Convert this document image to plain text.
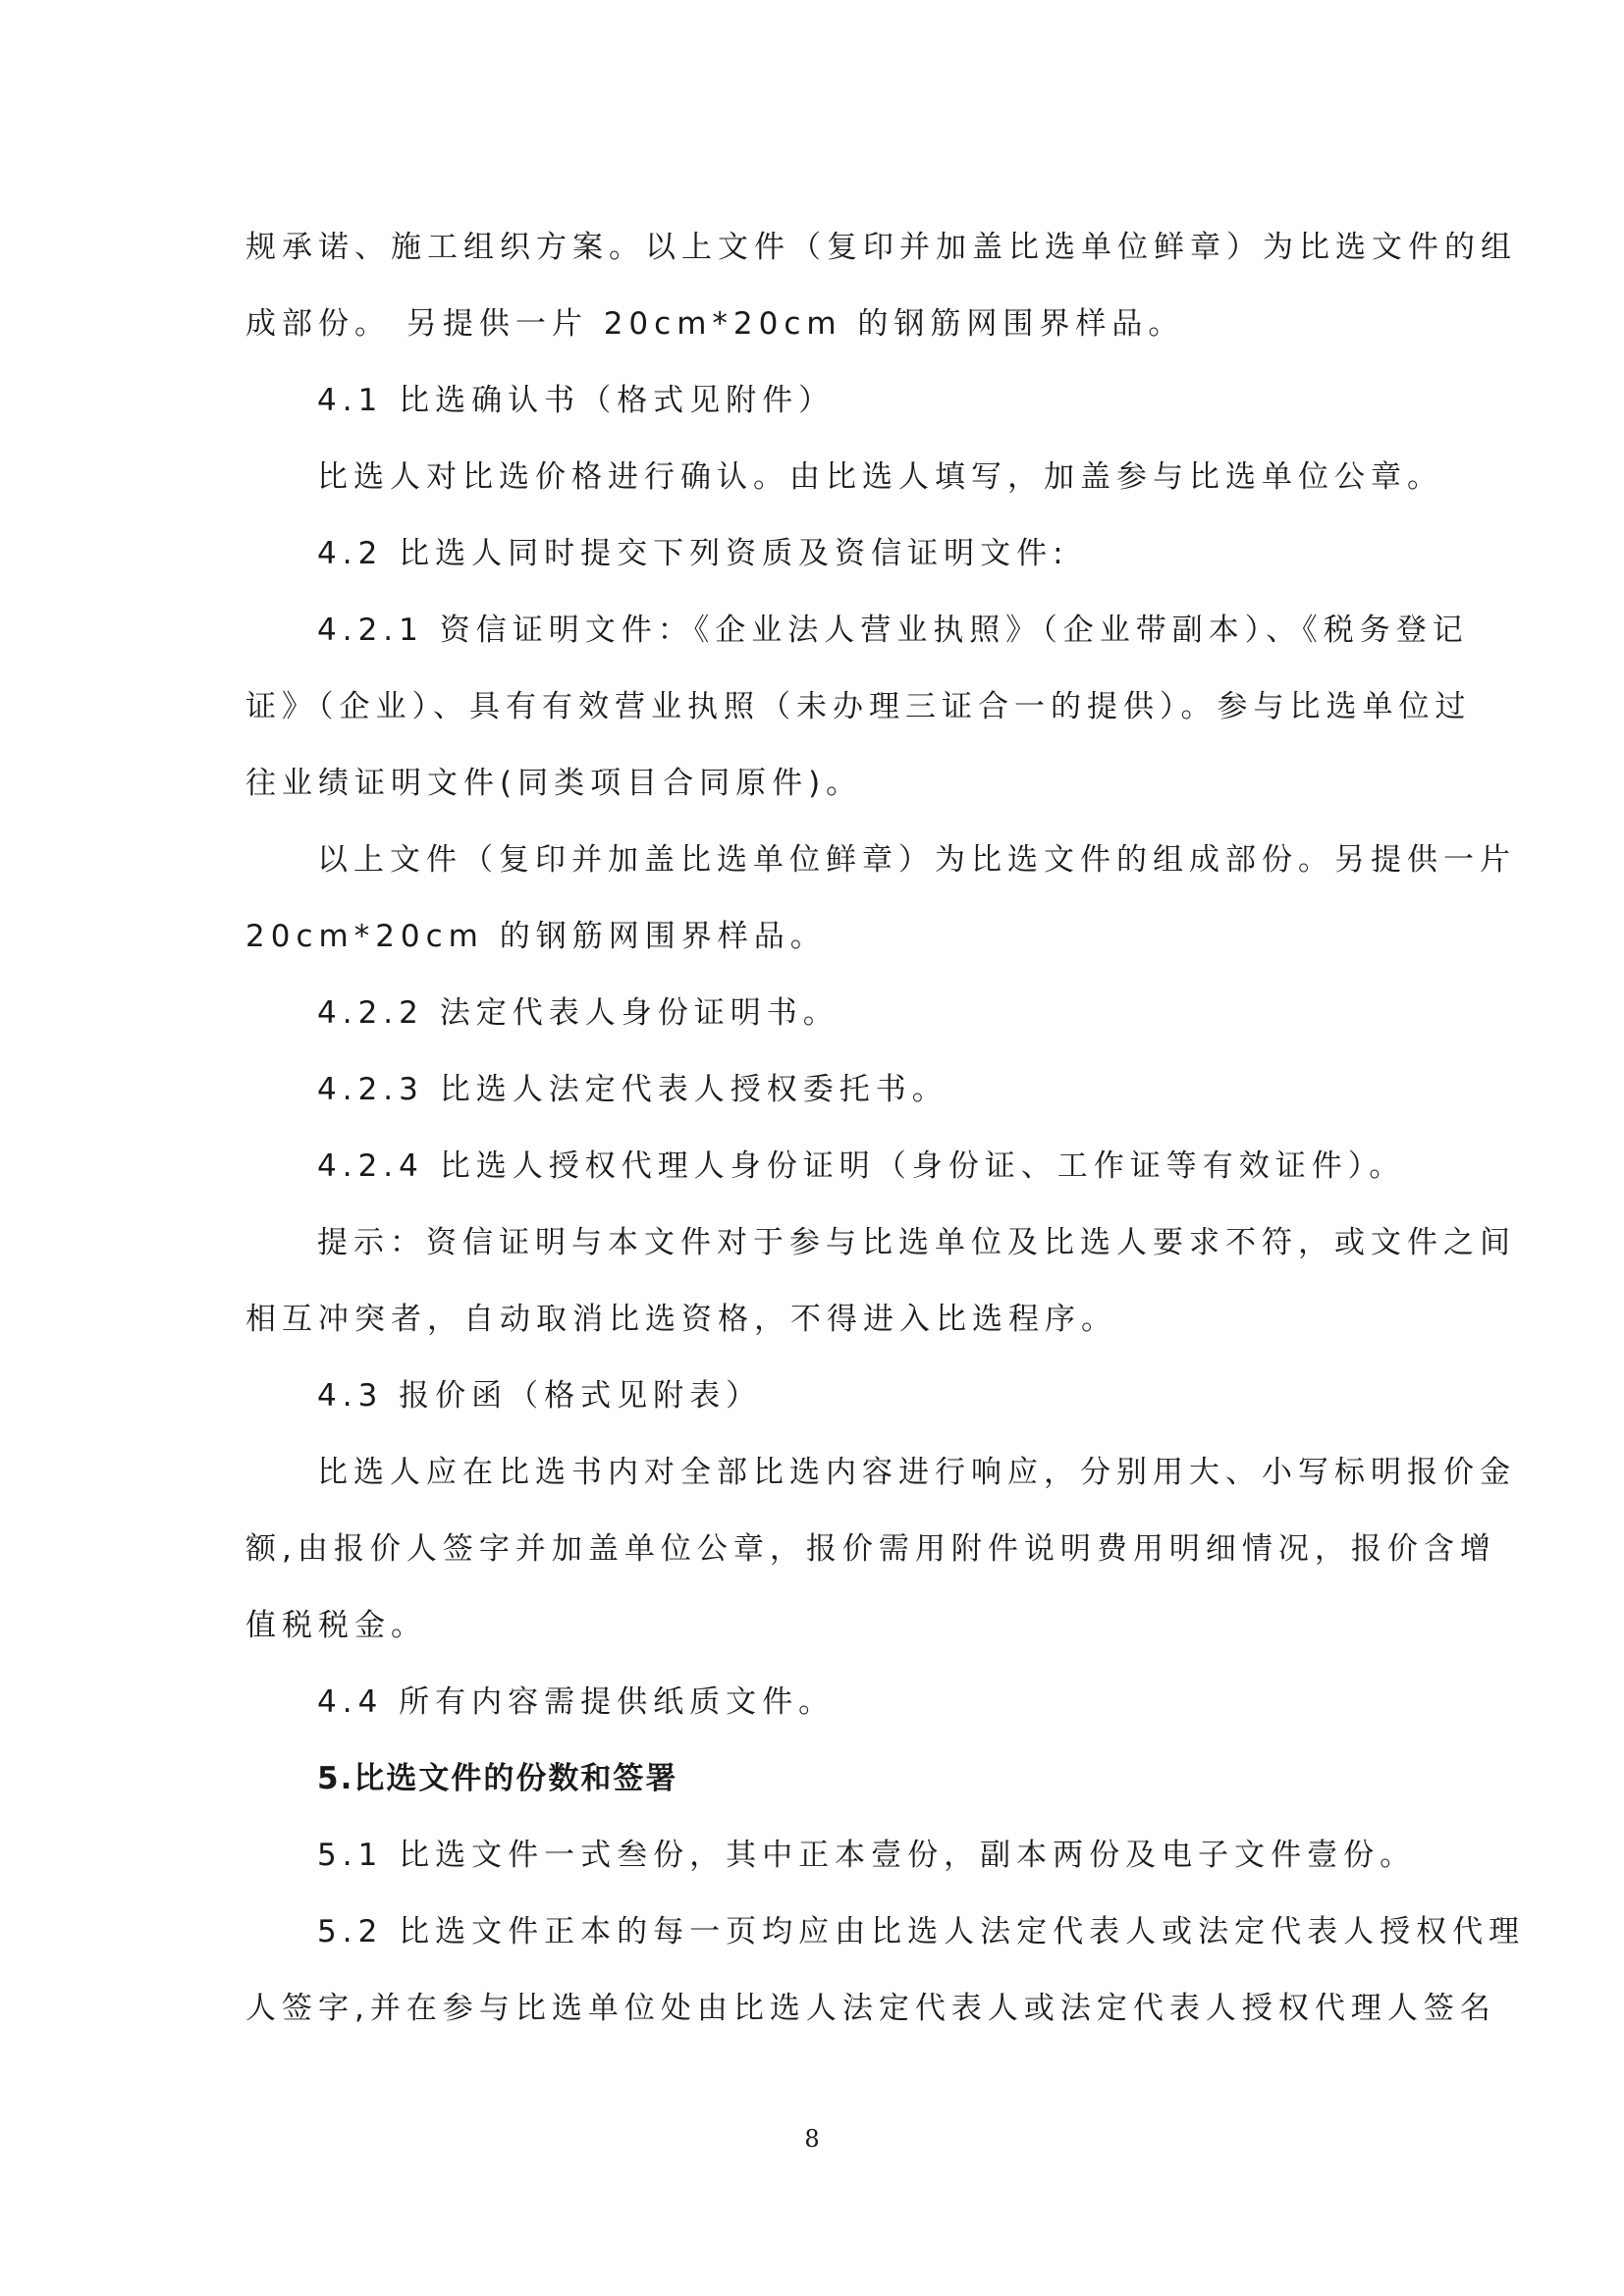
规承诺、施工组织方案。以上文件（复印并加盖比选单位鲜章）为比选文件的组
成部份。 另提供一片 20cm*20cm 的钢筋网围界样品。
4.1 比选确认书（格式见附件）
比选人对比选价格进行确认。由比选人填写，加盖参与比选单位公章。
4.2 比选人同时提交下列资质及资信证明文件:
4.2.1 资信证明文件：《企业法人营业执照》（企业带副本）、《税务登记
证》（企业）、具有有效营业执照（未办理三证合一的提供）。参与比选单位过
往业绩证明文件(同类项目合同原件)。
以上文件（复印并加盖比选单位鲜章）为比选文件的组成部份。另提供一片
20cm*20cm 的钢筋网围界样品。
4.2.2 法定代表人身份证明书。
4.2.3 比选人法定代表人授权委托书。
4.2.4 比选人授权代理人身份证明（身份证、工作证等有效证件）。
提示：资信证明与本文件对于参与比选单位及比选人要求不符，或文件之间
相互冲突者，自动取消比选资格，不得进入比选程序。
4.3 报价函（格式见附表）
比选人应在比选书内对全部比选内容进行响应，分别用大、小写标明报价金
额,由报价人签字并加盖单位公章，报价需用附件说明费用明细情况，报价含增
值税税金。
4.4 所有内容需提供纸质文件。
5.比选文件的份数和签署
5.1 比选文件一式叁份，其中正本壹份，副本两份及电子文件壹份。
5.2 比选文件正本的每一页均应由比选人法定代表人或法定代表人授权代理
人签字,并在参与比选单位处由比选人法定代表人或法定代表人授权代理人签名
8
